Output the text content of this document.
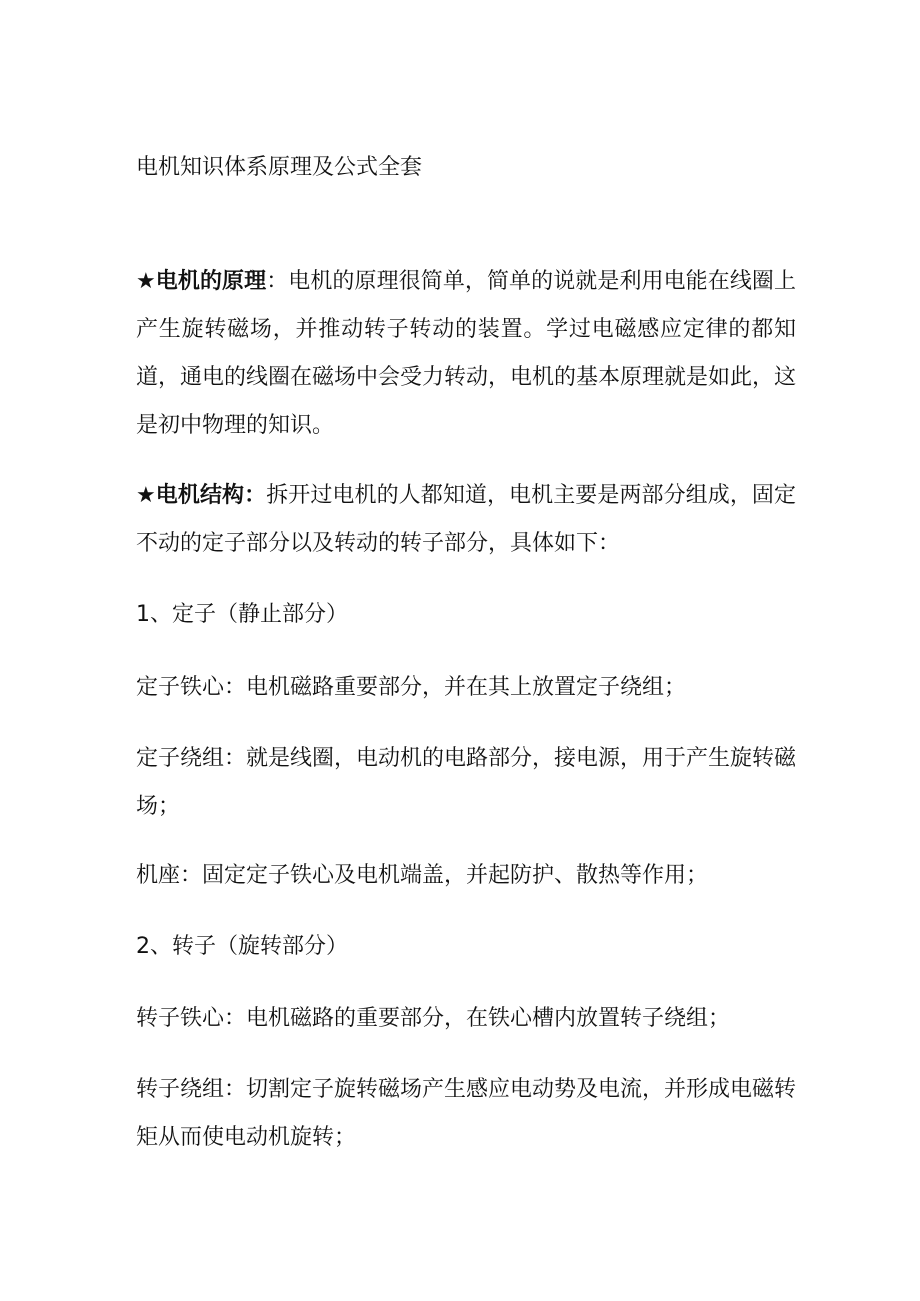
电机知识体系原理及公式全套

★电机的原理：电机的原理很简单，简单的说就是利用电能在线圈上产生旋转磁场，并推动转子转动的装置。学过电磁感应定律的都知道，通电的线圈在磁场中会受力转动，电机的基本原理就是如此，这是初中物理的知识。

★电机结构：拆开过电机的人都知道，电机主要是两部分组成，固定不动的定子部分以及转动的转子部分，具体如下：

1、定子（静止部分）

定子铁心：电机磁路重要部分，并在其上放置定子绕组；

定子绕组：就是线圈，电动机的电路部分，接电源，用于产生旋转磁场；

机座：固定定子铁心及电机端盖，并起防护、散热等作用；

2、转子（旋转部分）

转子铁心：电机磁路的重要部分，在铁心槽内放置转子绕组；

转子绕组：切割定子旋转磁场产生感应电动势及电流，并形成电磁转矩从而使电动机旋转；
